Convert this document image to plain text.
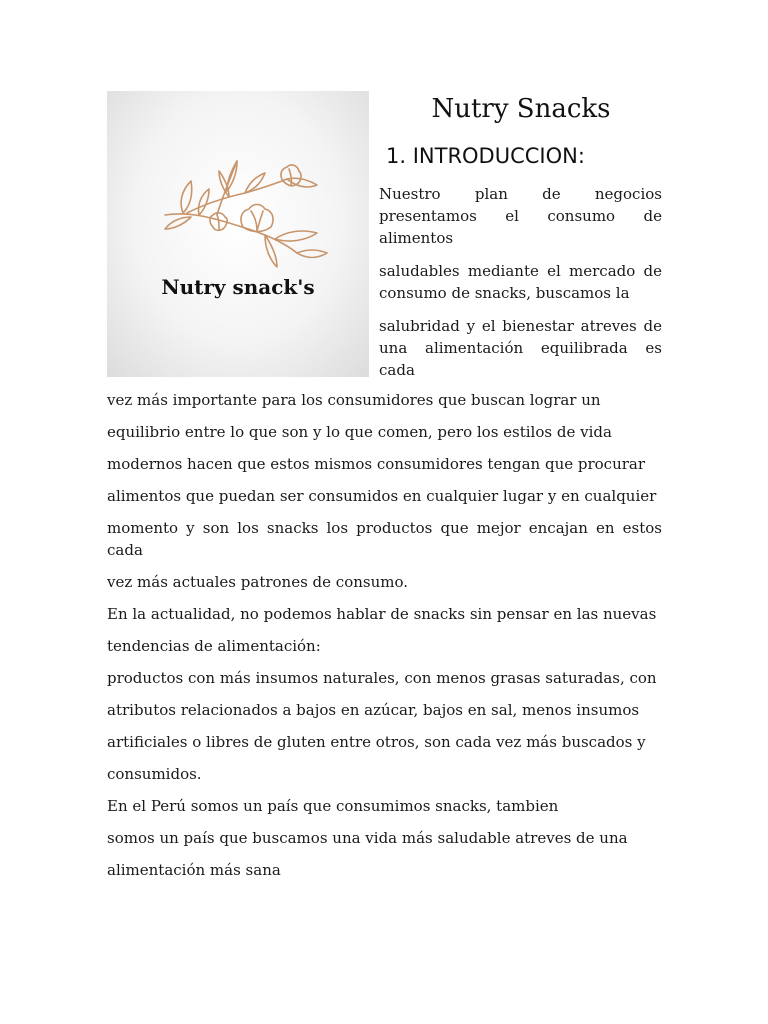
Nutry snack's
Nutry Snacks
1. INTRODUCCION:

Nuestro plan de negocios presentamos el consumo de alimentos

saludables mediante el mercado de consumo de snacks, buscamos la

salubridad y el bienestar atreves de una alimentación equilibrada es cada

vez más importante para los consumidores que buscan lograr un

equilibrio entre lo que son y lo que comen, pero los estilos de vida

modernos hacen que estos mismos consumidores tengan que procurar

alimentos que puedan ser consumidos en cualquier lugar y en cualquier

momento y son los snacks los productos que mejor encajan en estos cada

vez más actuales patrones de consumo.

En la actualidad, no podemos hablar de snacks sin pensar en las nuevas

tendencias de alimentación:

productos con más insumos naturales, con menos grasas saturadas, con

atributos relacionados a bajos en azúcar, bajos en sal, menos insumos

artificiales o libres de gluten entre otros, son cada vez más buscados y

consumidos.

En el Perú somos un país que consumimos snacks, tambien

somos un país que buscamos una vida más saludable atreves de una

alimentación más sana
